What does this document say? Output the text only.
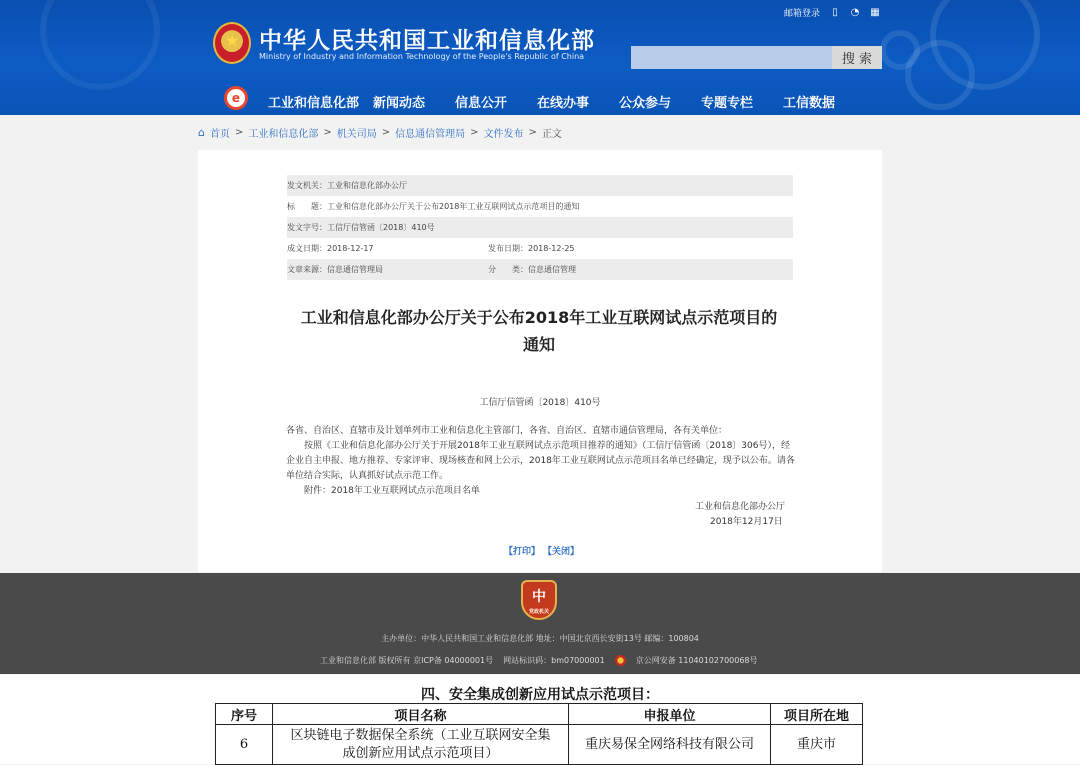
★
中华人民共和国工业和信息化部
Ministry of Industry and Information Technology of the People's Republic of China
邮箱登录 ▯ ◔ ▦
搜 索
e	工业和信息化部	新闻动态	信息公开	在线办事	公众参与	专题专栏	工信数据
⌂ 首页 > 工业和信息化部 > 机关司局 > 信息通信管理局 > 文件发布 > 正文
发文机关：工业和信息化部办公厅
标　　题：工业和信息化部办公厅关于公布2018年工业互联网试点示范项目的通知
发文字号：工信厅信管函〔2018〕410号
成文日期：2018-12-17	发布日期：2018-12-25
文章来源：信息通信管理局	分　　类：信息通信管理
工业和信息化部办公厅关于公布2018年工业互联网试点示范项目的
通知
工信厅信管函〔2018〕410号

各省、自治区、直辖市及计划单列市工业和信息化主管部门，各省、自治区、直辖市通信管理局，各有关单位：

按照《工业和信息化部办公厅关于开展2018年工业互联网试点示范项目推荐的通知》（工信厅信管函〔2018〕306号），经企业自主申报、地方推荐、专家评审、现场核查和网上公示，2018年工业互联网试点示范项目名单已经确定，现予以公布。请各单位结合实际，认真抓好试点示范工作。

附件：2018年工业互联网试点示范项目名单

工业和信息化部办公厅
2018年12月17日
【打印】 【关闭】
中
党政机关
主办单位：中华人民共和国工业和信息化部 地址：中国北京西长安街13号 邮编：100804
工业和信息化部 版权所有 京ICP备 04000001号 网站标识码：bm07000001	京公网安备 11040102700068号
四、安全集成创新应用试点示范项目：
序号	项目名称	申报单位	项目所在地
6	区块链电子数据保全系统（工业互联网安全集
成创新应用试点示范项目）	重庆易保全网络科技有限公司	重庆市
